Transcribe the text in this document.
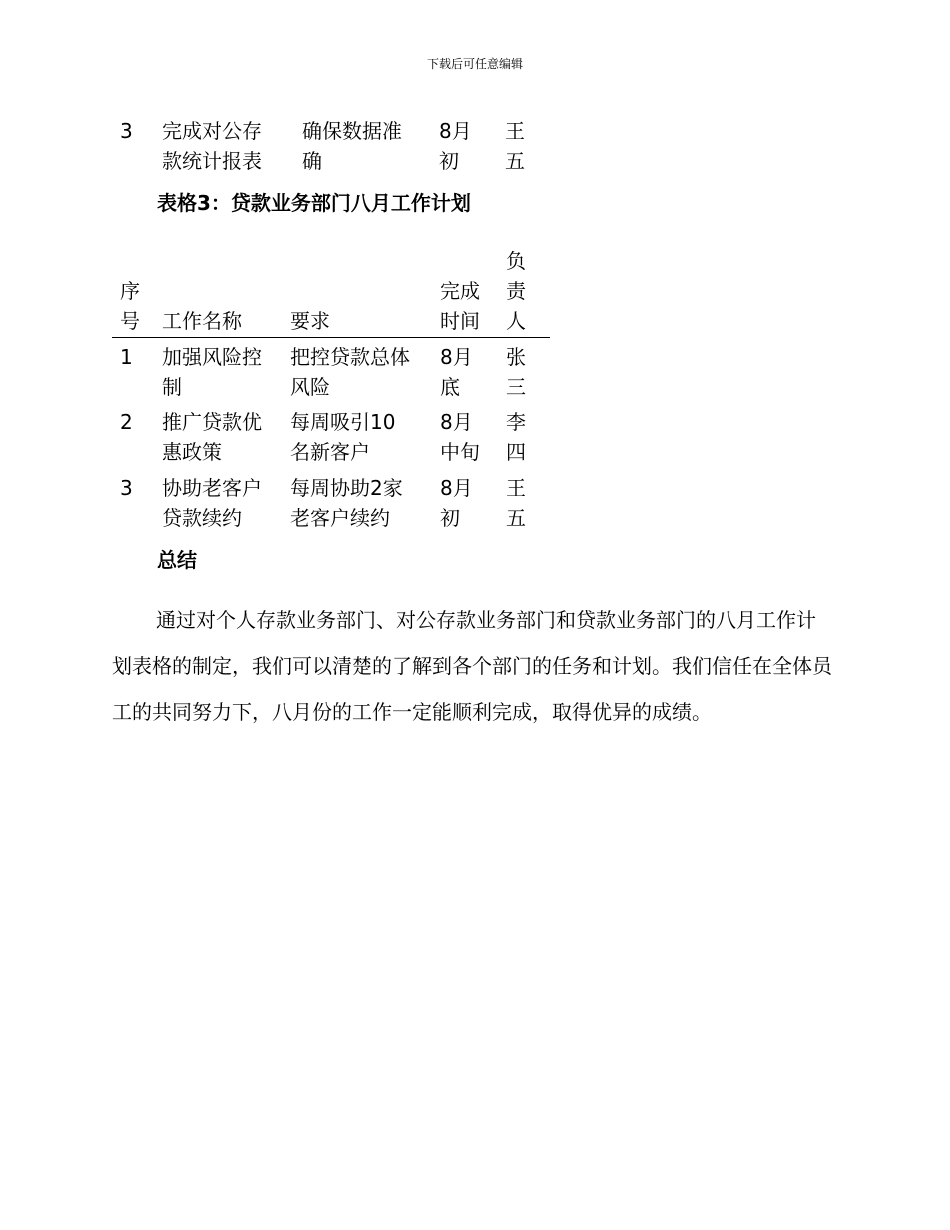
下载后可任意编辑
3 完成对公存
款统计报表
确保数据准
确
8月
初
王
五
表格3：贷款业务部门八月工作计划
序
号 工作名称 要求
完成
时间
负
责
人
1 加强风险控
制
把控贷款总体
风险
8月
底
张
三
2 推广贷款优
惠政策
每周吸引10
名新客户
8月
中旬
李
四
3 协助老客户
贷款续约
每周协助2家
老客户续约
8月
初
王
五
总结
通过对个人存款业务部门、对公存款业务部门和贷款业务部门的八月工作计划表格的制定，我们可以清楚的了解到各个部门的任务和计划。我们信任在全体员工的共同努力下，八月份的工作一定能顺利完成，取得优异的成绩。
